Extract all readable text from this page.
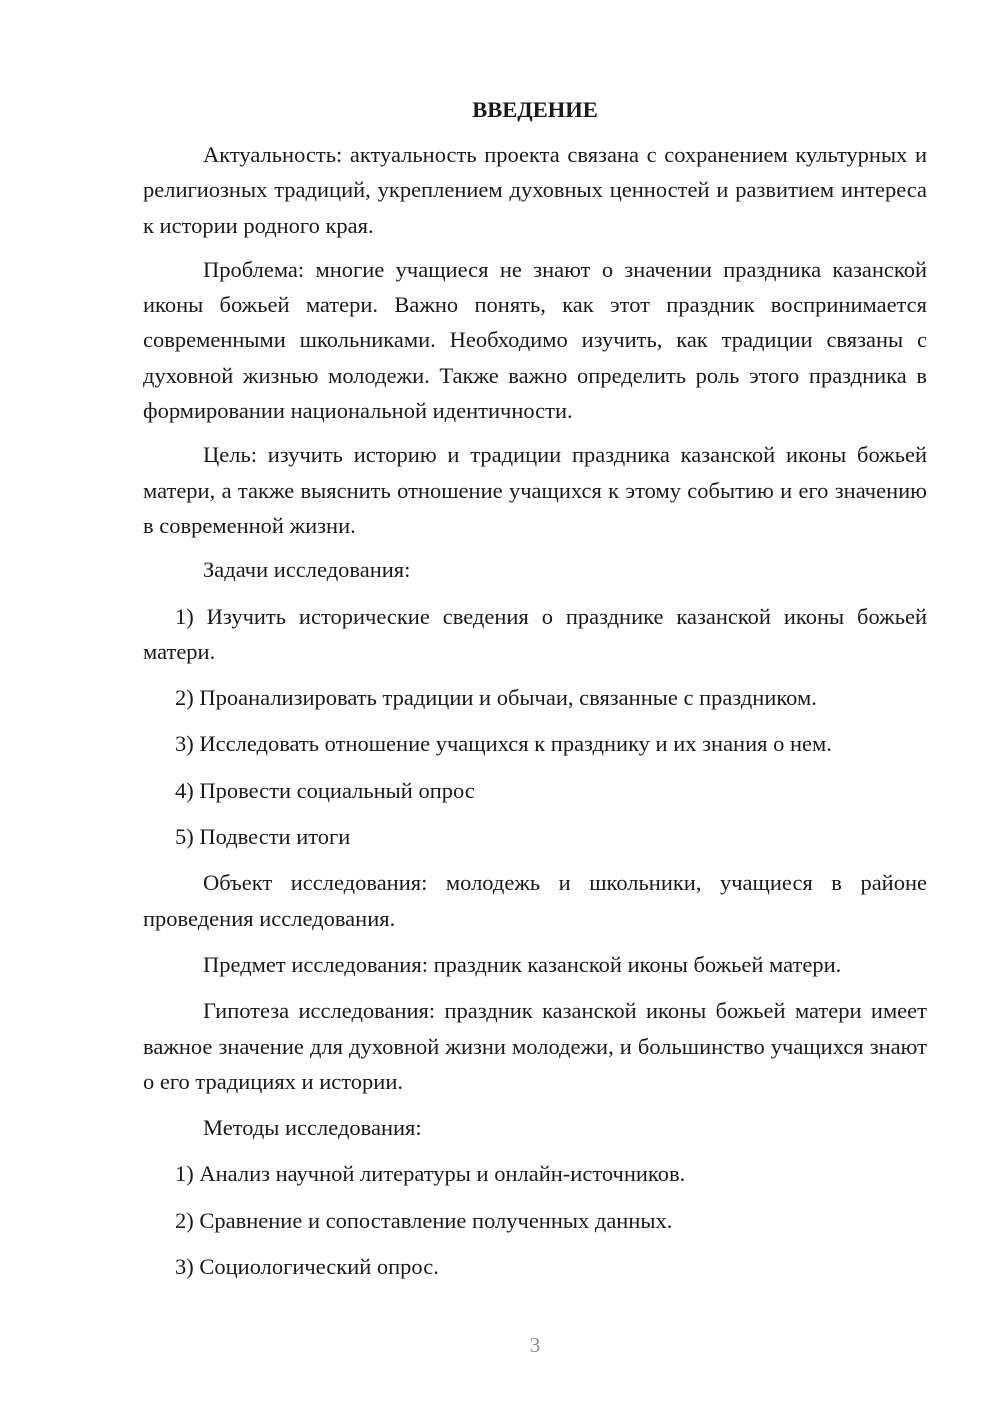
ВВЕДЕНИЕ

Актуальность: актуальность проекта связана с сохранением культурных и религиозных традиций, укреплением духовных ценностей и развитием интереса к истории родного края.

Проблема: многие учащиеся не знают о значении праздника казанской иконы божьей матери. Важно понять, как этот праздник воспринимается современными школьниками. Необходимо изучить, как традиции связаны с духовной жизнью молодежи. Также важно определить роль этого праздника в формировании национальной идентичности.

Цель: изучить историю и традиции праздника казанской иконы божьей матери, а также выяснить отношение учащихся к этому событию и его значению в современной жизни.

Задачи исследования:

1) Изучить исторические сведения о празднике казанской иконы божьей матери.

2) Проанализировать традиции и обычаи, связанные с праздником.

3) Исследовать отношение учащихся к празднику и их знания о нем.

4) Провести социальный опрос

5) Подвести итоги

Объект исследования: молодежь и школьники, учащиеся в районе проведения исследования.

Предмет исследования: праздник казанской иконы божьей матери.

Гипотеза исследования: праздник казанской иконы божьей матери имеет важное значение для духовной жизни молодежи, и большинство учащихся знают о его традициях и истории.

Методы исследования:

1) Анализ научной литературы и онлайн-источников.

2) Сравнение и сопоставление полученных данных.

3) Социологический опрос.

3
